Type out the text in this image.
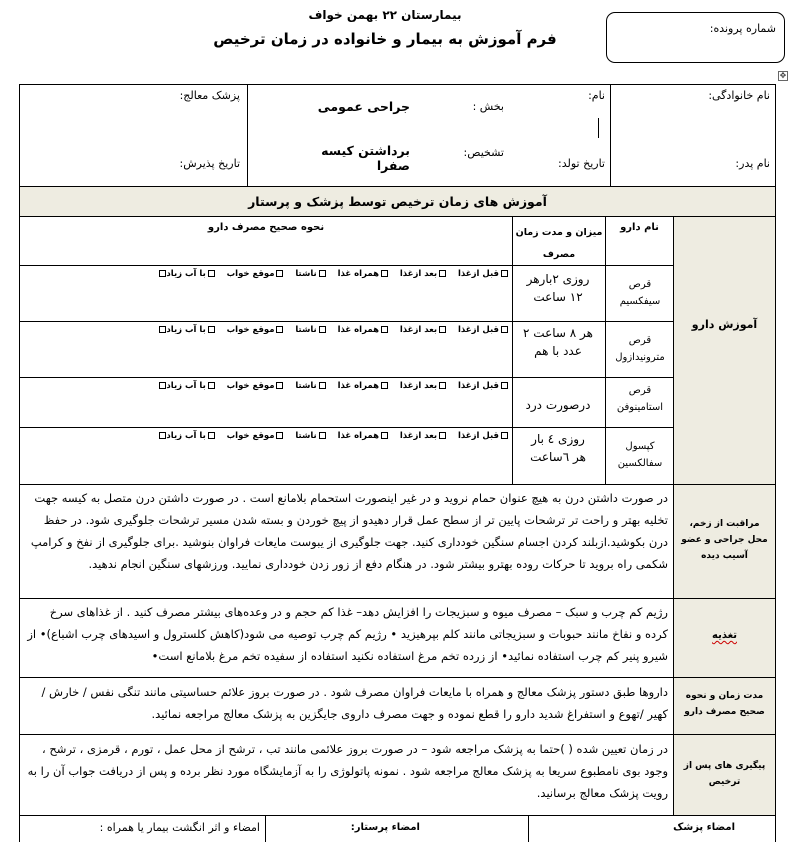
بیمارستان ۲۲ بهمن خواف
فرم آموزش به بیمار و خانواده در زمان ترخیص
شماره پرونده:
✥
نام خانوادگی:
نام:
بخش :
جراحی عمومی
پزشک معالج:
نام پدر:
تاریخ تولد:
تشخیص:
برداشتن کیسه صفرا
تاریخ پذیرش:
آموزش های زمان ترخیص توسط پزشک و پرستار
آموزش دارو
مراقبت از زخم، محل جراحی و عضو آسیب دیده
تغذیه
مدت زمان و نحوه صحیح مصرف دارو
پیگیری های پس از ترخیص
نام دارو
میزان و مدت زمان مصرف
نحوه صحیح مصرف دارو
قرص سیفکسیم
روزی ۲بارهر ۱۲ ساعت
قبل ازغذا    بعد ازغذا    همراه غذا    ناشتا    موقع خواب    با آب زیاد
قرص مترونیدازول
هر ۸ ساعت ۲ عدد با هم
قبل ازغذا    بعد ازغذا    همراه غذا    ناشتا    موقع خواب    با آب زیاد
قرص استامینوفن
درصورت درد
قبل ازغذا    بعد ازغذا    همراه غذا    ناشتا    موقع خواب    با آب زیاد
کپسول سفالکسین
روزی ٤ بار هر ٦ساعت
قبل ازغذا    بعد ازغذا    همراه غذا    ناشتا    موقع خواب    با آب زیاد
در صورت داشتن درن به هیچ عنوان حمام نروید و در غیر اینصورت استحمام بلامانع است . در صورت داشتن درن متصل به کیسه جهت تخلیه بهتر و راحت تر ترشحات پایین تر از سطح عمل قرار دهیدو از پیچ خوردن و بسته شدن مسیر ترشحات جلوگیری شود. در حفظ درن بکوشید.ازبلند کردن اجسام سنگین خودداری کنید. جهت جلوگیری از یبوست مایعات فراوان بنوشید .برای جلوگیری از نفخ و کرامپ شکمی راه بروید تا حرکات روده بهترو بیشتر شود. در هنگام دفع از زور زدن خودداری نمایید. ورزشهای سنگین انجام ندهید.
رژیم کم چرب و سبک – مصرف میوه و سبزیجات را افزایش دهد– غذا کم حجم و در وعده‌های بیشتر مصرف کنید . از غذاهای سرخ کرده و نفاخ مانند حبوبات و سبزیجاتی مانند کلم بپرهیزید • رژیم کم چرب توصیه می شود(کاهش کلسترول و اسیدهای چرب اشباع)• از شیرو پنیر کم چرب استفاده نمائید• از زرده تخم مرغ استفاده نکنید استفاده از سفیده تخم مرغ بلامانع است•
داروها طبق دستور پزشک معالج و همراه با مایعات فراوان مصرف شود . در صورت بروز علائم حساسیتی مانند تنگی نفس / خارش / کهیر /تهوع و استفراغ شدید دارو را قطع نموده و جهت مصرف داروی جایگزین به پزشک معالج مراجعه نمائید.
در زمان تعیین شده ( )حتما به پزشک مراجعه شود – در صورت بروز علائمی مانند تب ، ترشح از محل عمل ، تورم ، قرمزی ، ترشح ، وجود بوی نامطبوع سریعا به پزشک معالج مراجعه شود . نمونه پاتولوژی را به آزمایشگاه مورد نظر برده و پس از دریافت جواب آن را به رویت پزشک معالج برسانید.
امضاء پزشک
امضاء پرستار:
امضاء و اثر انگشت بیمار یا همراه :
